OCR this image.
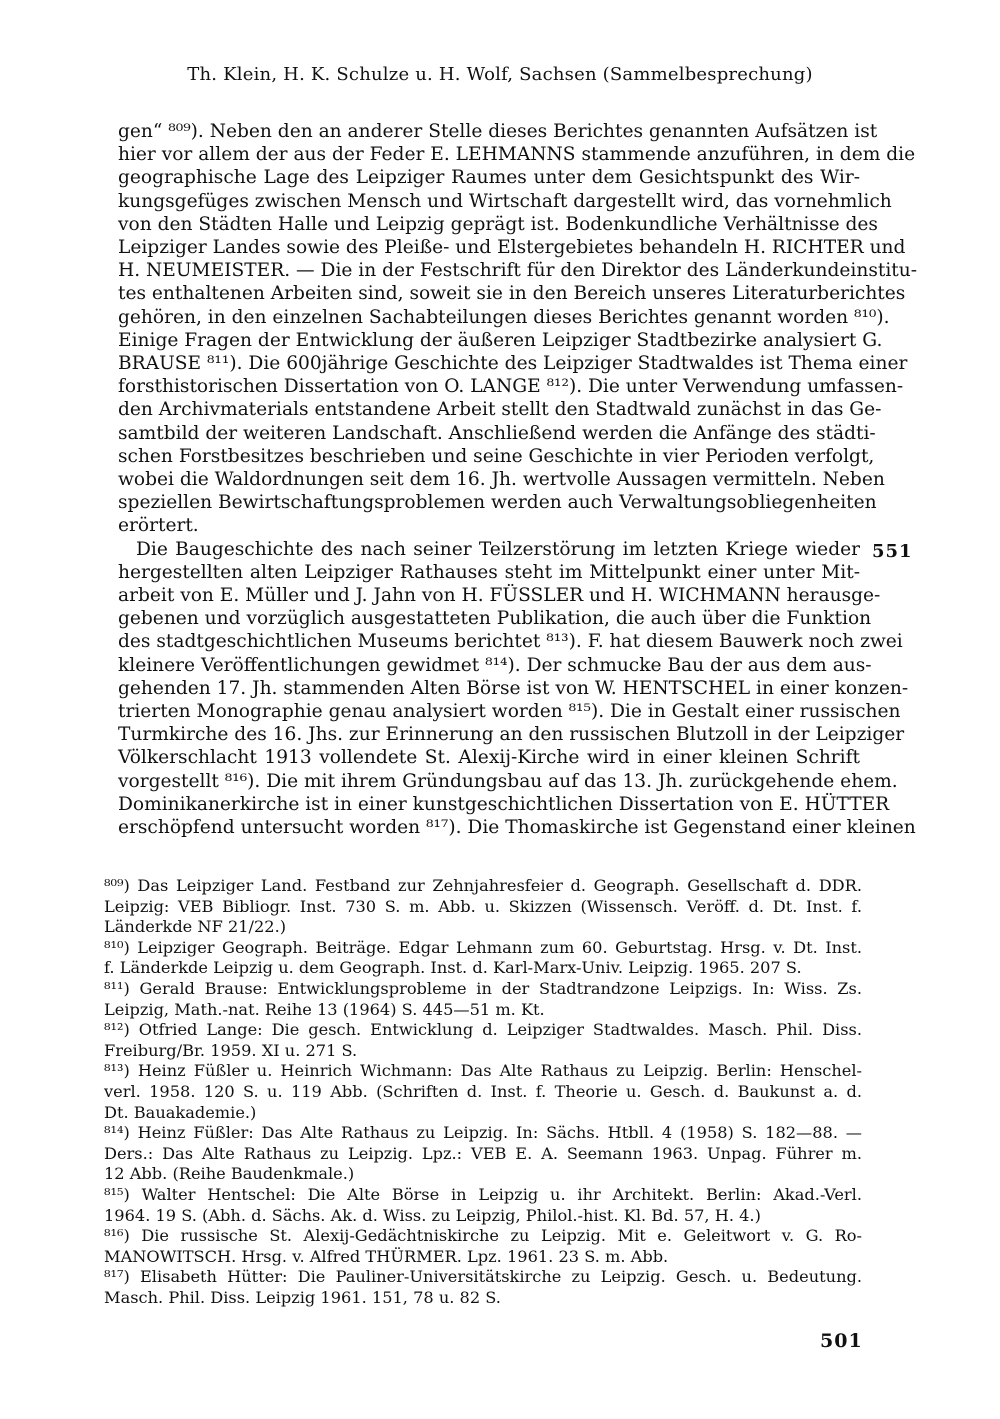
Th. Klein, H. K. Schulze u. H. Wolf, Sachsen (Sammelbesprechung)
551
gen“ ⁸⁰⁹). Neben den an anderer Stelle dieses Berichtes genannten Aufsätzen ist
hier vor allem der aus der Feder E. LEHMANNS stammende anzuführen, in dem die
geographische Lage des Leipziger Raumes unter dem Gesichtspunkt des Wir-
kungsgefüges zwischen Mensch und Wirtschaft dargestellt wird, das vornehmlich
von den Städten Halle und Leipzig geprägt ist. Bodenkundliche Verhältnisse des
Leipziger Landes sowie des Pleiße- und Elstergebietes behandeln H. RICHTER und
H. NEUMEISTER. — Die in der Festschrift für den Direktor des Länderkundeinstitu-
tes enthaltenen Arbeiten sind, soweit sie in den Bereich unseres Literaturberichtes
gehören, in den einzelnen Sachabteilungen dieses Berichtes genannt worden ⁸¹⁰).
Einige Fragen der Entwicklung der äußeren Leipziger Stadtbezirke analysiert G.
BRAUSE ⁸¹¹). Die 600jährige Geschichte des Leipziger Stadtwaldes ist Thema einer
forsthistorischen Dissertation von O. LANGE ⁸¹²). Die unter Verwendung umfassen-
den Archivmaterials entstandene Arbeit stellt den Stadtwald zunächst in das Ge-
samtbild der weiteren Landschaft. Anschließend werden die Anfänge des städti-
schen Forstbesitzes beschrieben und seine Geschichte in vier Perioden verfolgt,
wobei die Waldordnungen seit dem 16. Jh. wertvolle Aussagen vermitteln. Neben
speziellen Bewirtschaftungsproblemen werden auch Verwaltungsobliegenheiten
erörtert.
Die Baugeschichte des nach seiner Teilzerstörung im letzten Kriege wieder
hergestellten alten Leipziger Rathauses steht im Mittelpunkt einer unter Mit-
arbeit von E. Müller und J. Jahn von H. FÜSSLER und H. WICHMANN herausge-
gebenen und vorzüglich ausgestatteten Publikation, die auch über die Funktion
des stadtgeschichtlichen Museums berichtet ⁸¹³). F. hat diesem Bauwerk noch zwei
kleinere Veröffentlichungen gewidmet ⁸¹⁴). Der schmucke Bau der aus dem aus-
gehenden 17. Jh. stammenden Alten Börse ist von W. HENTSCHEL in einer konzen-
trierten Monographie genau analysiert worden ⁸¹⁵). Die in Gestalt einer russischen
Turmkirche des 16. Jhs. zur Erinnerung an den russischen Blutzoll in der Leipziger
Völkerschlacht 1913 vollendete St. Alexij-Kirche wird in einer kleinen Schrift
vorgestellt ⁸¹⁶). Die mit ihrem Gründungsbau auf das 13. Jh. zurückgehende ehem.
Dominikanerkirche ist in einer kunstgeschichtlichen Dissertation von E. HÜTTER
erschöpfend untersucht worden ⁸¹⁷). Die Thomaskirche ist Gegenstand einer kleinen
⁸⁰⁹) Das Leipziger Land. Festband zur Zehnjahresfeier d. Geograph. Gesellschaft d. DDR.
Leipzig: VEB Bibliogr. Inst. 730 S. m. Abb. u. Skizzen (Wissensch. Veröff. d. Dt. Inst. f.
Länderkde NF 21/22.)
⁸¹⁰) Leipziger Geograph. Beiträge. Edgar Lehmann zum 60. Geburtstag. Hrsg. v. Dt. Inst.
f. Länderkde Leipzig u. dem Geograph. Inst. d. Karl-Marx-Univ. Leipzig. 1965. 207 S.
⁸¹¹) Gerald Brause: Entwicklungsprobleme in der Stadtrandzone Leipzigs. In: Wiss. Zs.
Leipzig, Math.-nat. Reihe 13 (1964) S. 445—51 m. Kt.
⁸¹²) Otfried Lange: Die gesch. Entwicklung d. Leipziger Stadtwaldes. Masch. Phil. Diss.
Freiburg/Br. 1959. XI u. 271 S.
⁸¹³) Heinz Füßler u. Heinrich Wichmann: Das Alte Rathaus zu Leipzig. Berlin: Henschel-
verl. 1958. 120 S. u. 119 Abb. (Schriften d. Inst. f. Theorie u. Gesch. d. Baukunst a. d.
Dt. Bauakademie.)
⁸¹⁴) Heinz Füßler: Das Alte Rathaus zu Leipzig. In: Sächs. Htbll. 4 (1958) S. 182—88. —
Ders.: Das Alte Rathaus zu Leipzig. Lpz.: VEB E. A. Seemann 1963. Unpag. Führer m.
12 Abb. (Reihe Baudenkmale.)
⁸¹⁵) Walter Hentschel: Die Alte Börse in Leipzig u. ihr Architekt. Berlin: Akad.-Verl.
1964. 19 S. (Abh. d. Sächs. Ak. d. Wiss. zu Leipzig, Philol.-hist. Kl. Bd. 57, H. 4.)
⁸¹⁶) Die russische St. Alexij-Gedächtniskirche zu Leipzig. Mit e. Geleitwort v. G. Ro-
MANOWITSCH. Hrsg. v. Alfred THÜRMER. Lpz. 1961. 23 S. m. Abb.
⁸¹⁷) Elisabeth Hütter: Die Pauliner-Universitätskirche zu Leipzig. Gesch. u. Bedeutung.
Masch. Phil. Diss. Leipzig 1961. 151, 78 u. 82 S.
501
